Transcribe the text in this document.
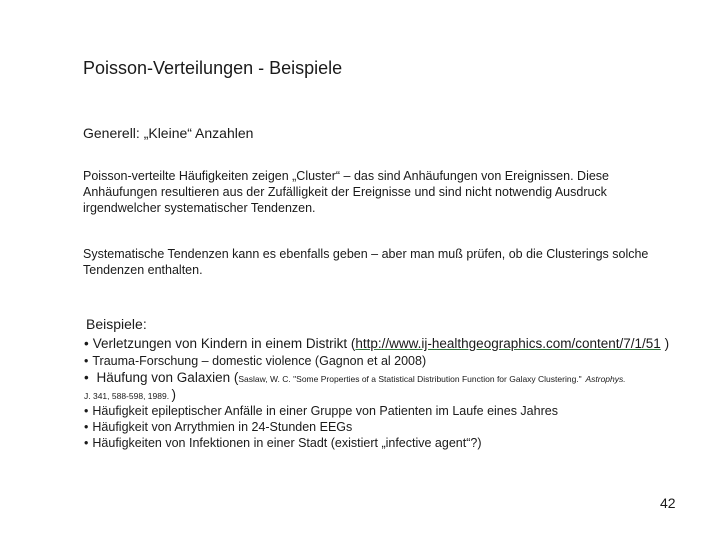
Poisson-Verteilungen - Beispiele
Generell: „Kleine“ Anzahlen
Poisson-verteilte Häufigkeiten zeigen „Cluster“ – das sind Anhäufungen von Ereignissen. Diese Anhäufungen resultieren aus der Zufälligkeit der Ereignisse und sind nicht notwendig Ausdruck irgendwelcher systematischer Tendenzen.
Systematische Tendenzen kann es ebenfalls geben – aber man muß prüfen, ob die Clusterings solche Tendenzen enthalten.
Beispiele:
• Verletzungen von Kindern in einem Distrikt (http://www.ij-healthgeographics.com/content/7/1/51 )
• Trauma-Forschung – domestic violence (Gagnon et al 2008)
• Häufung von Galaxien (Saslaw, W. C. "Some Properties of a Statistical Distribution Function for Galaxy Clustering." Astrophys.
J. 341, 588-598, 1989. )
• Häufigkeit epileptischer Anfälle in einer Gruppe von Patienten im Laufe eines Jahres
• Häufigkeit von Arrythmien in 24-Stunden EEGs
• Häufigkeiten von Infektionen in einer Stadt (existiert „infective agent“?)
42
